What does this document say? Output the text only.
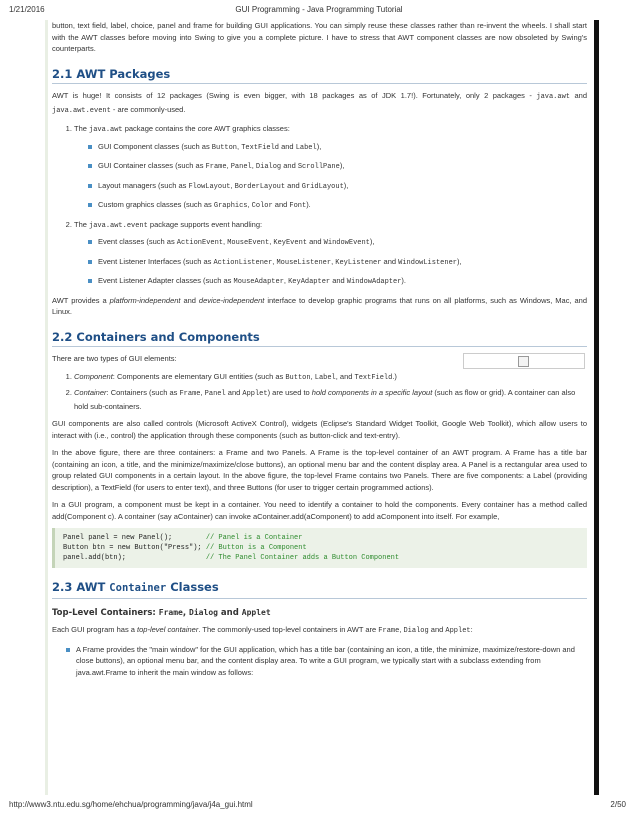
1/21/2016	GUI Programming - Java Programming Tutorial

button, text field, label, choice, panel and frame for building GUI applications. You can simply reuse these classes rather than re-invent the wheels. I shall start with the AWT classes before moving into Swing to give you a complete picture. I have to stress that AWT component classes are now obsoleted by Swing's counterparts.

2.1 AWT Packages

AWT is huge! It consists of 12 packages (Swing is even bigger, with 18 packages as of JDK 1.7!). Fortunately, only 2 packages - java.awt and java.awt.event - are commonly-used.

1. The java.awt package contains the core AWT graphics classes:
GUI Component classes (such as Button, TextField and Label),
GUI Container classes (such as Frame, Panel, Dialog and ScrollPane),
Layout managers (such as FlowLayout, BorderLayout and GridLayout),
Custom graphics classes (such as Graphics, Color and Font).
2. The java.awt.event package supports event handling:
Event classes (such as ActionEvent, MouseEvent, KeyEvent and WindowEvent),
Event Listener Interfaces (such as ActionListener, MouseListener, KeyListener and WindowListener),
Event Listener Adapter classes (such as MouseAdapter, KeyAdapter and WindowAdapter).

AWT provides a platform-independent and device-independent interface to develop graphic programs that runs on all platforms, such as Windows, Mac, and Linux.

2.2 Containers and Components

There are two types of GUI elements:

1. Component: Components are elementary GUI entities (such as Button, Label, and TextField.)
2. Container: Containers (such as Frame, Panel and Applet) are used to hold components in a specific layout (such as flow or grid). A container can also hold sub-containers.

GUI components are also called controls (Microsoft ActiveX Control), widgets (Eclipse's Standard Widget Toolkit, Google Web Toolkit), which allow users to interact with (i.e., control) the application through these components (such as button-click and text-entry).

In the above figure, there are three containers: a Frame and two Panels. A Frame is the top-level container of an AWT program. A Frame has a title bar (containing an icon, a title, and the minimize/maximize/close buttons), an optional menu bar and the content display area. A Panel is a rectangular area used to group related GUI components in a certain layout. In the above figure, the top-level Frame contains two Panels. There are five components: a Label (providing description), a TextField (for users to enter text), and three Buttons (for user to trigger certain programmed actions).

In a GUI program, a component must be kept in a container. You need to identify a container to hold the components. Every container has a method called add(Component c). A container (say aContainer) can invoke aContainer.add(aComponent) to add aComponent into itself. For example,

Panel panel = new Panel();        // Panel is a Container
Button btn = new Button("Press"); // Button is a Component
panel.add(btn);                   // The Panel Container adds a Button Component
2.3 AWT Container Classes
Top-Level Containers: Frame, Dialog and Applet

Each GUI program has a top-level container. The commonly-used top-level containers in AWT are Frame, Dialog and Applet:

A Frame provides the "main window" for the GUI application, which has a title bar (containing an icon, a title, the minimize, maximize/restore-down and close buttons), an optional menu bar, and the content display area. To write a GUI program, we typically start with a subclass extending from java.awt.Frame to inherit the main window as follows:
http://www3.ntu.edu.sg/home/ehchua/programming/java/j4a_gui.html	2/50
